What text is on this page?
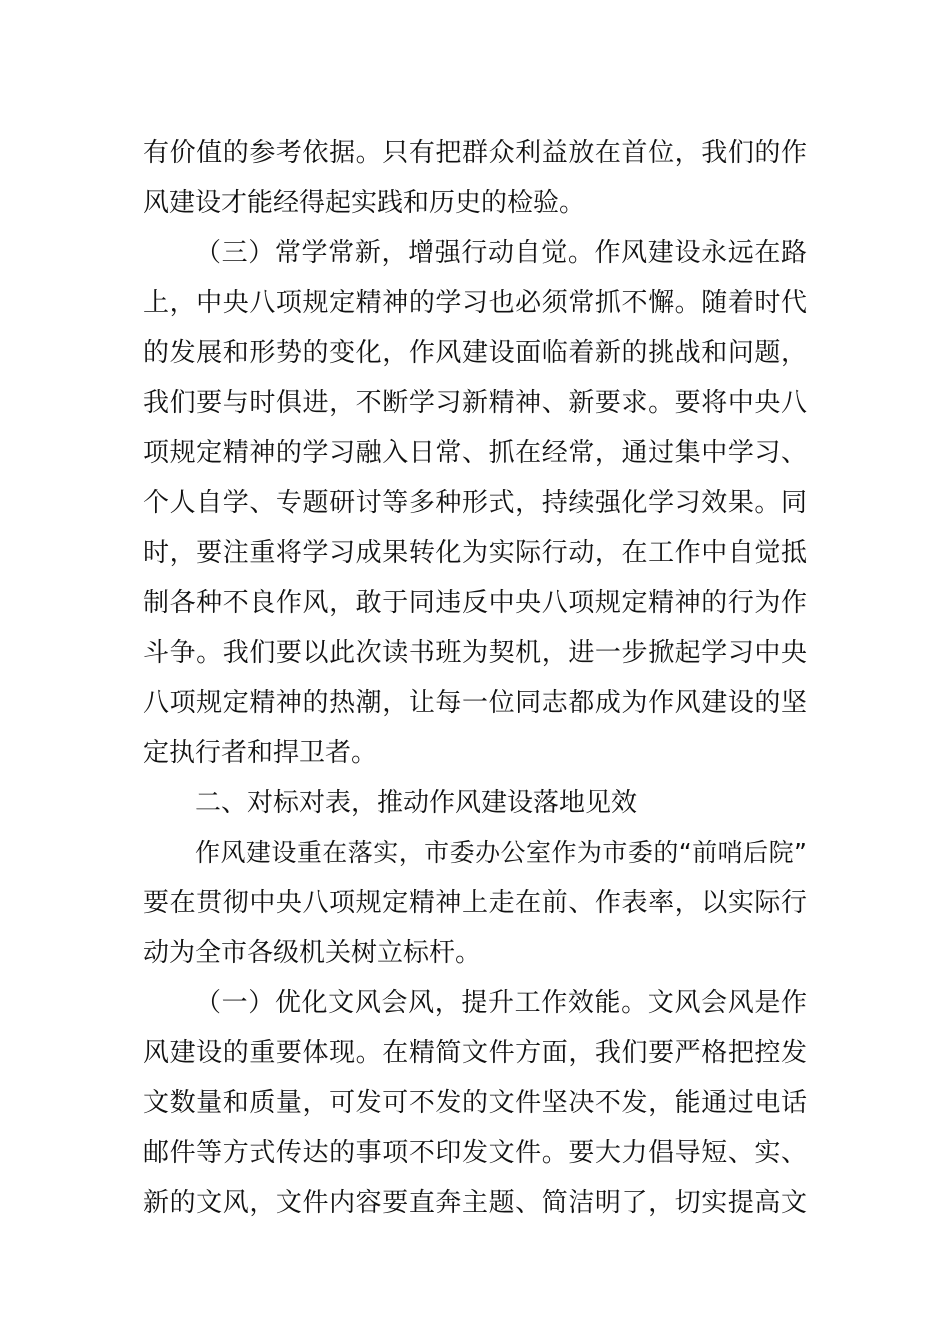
有价值的参考依据。只有把群众利益放在首位，我们的作
风建设才能经得起实践和历史的检验。
（三）常学常新，增强行动自觉。作风建设永远在路
上，中央八项规定精神的学习也必须常抓不懈。随着时代
的发展和形势的变化，作风建设面临着新的挑战和问题，
我们要与时俱进，不断学习新精神、新要求。要将中央八
项规定精神的学习融入日常、抓在经常，通过集中学习、
个人自学、专题研讨等多种形式，持续强化学习效果。同
时，要注重将学习成果转化为实际行动，在工作中自觉抵
制各种不良作风，敢于同违反中央八项规定精神的行为作
斗争。我们要以此次读书班为契机，进一步掀起学习中央
八项规定精神的热潮，让每一位同志都成为作风建设的坚
定执行者和捍卫者。
二、对标对表，推动作风建设落地见效
作风建设重在落实，市委办公室作为市委的“前哨后院”
要在贯彻中央八项规定精神上走在前、作表率，以实际行
动为全市各级机关树立标杆。
（一）优化文风会风，提升工作效能。文风会风是作
风建设的重要体现。在精简文件方面，我们要严格把控发
文数量和质量，可发可不发的文件坚决不发，能通过电话
邮件等方式传达的事项不印发文件。要大力倡导短、实、
新的文风，文件内容要直奔主题、简洁明了，切实提高文
